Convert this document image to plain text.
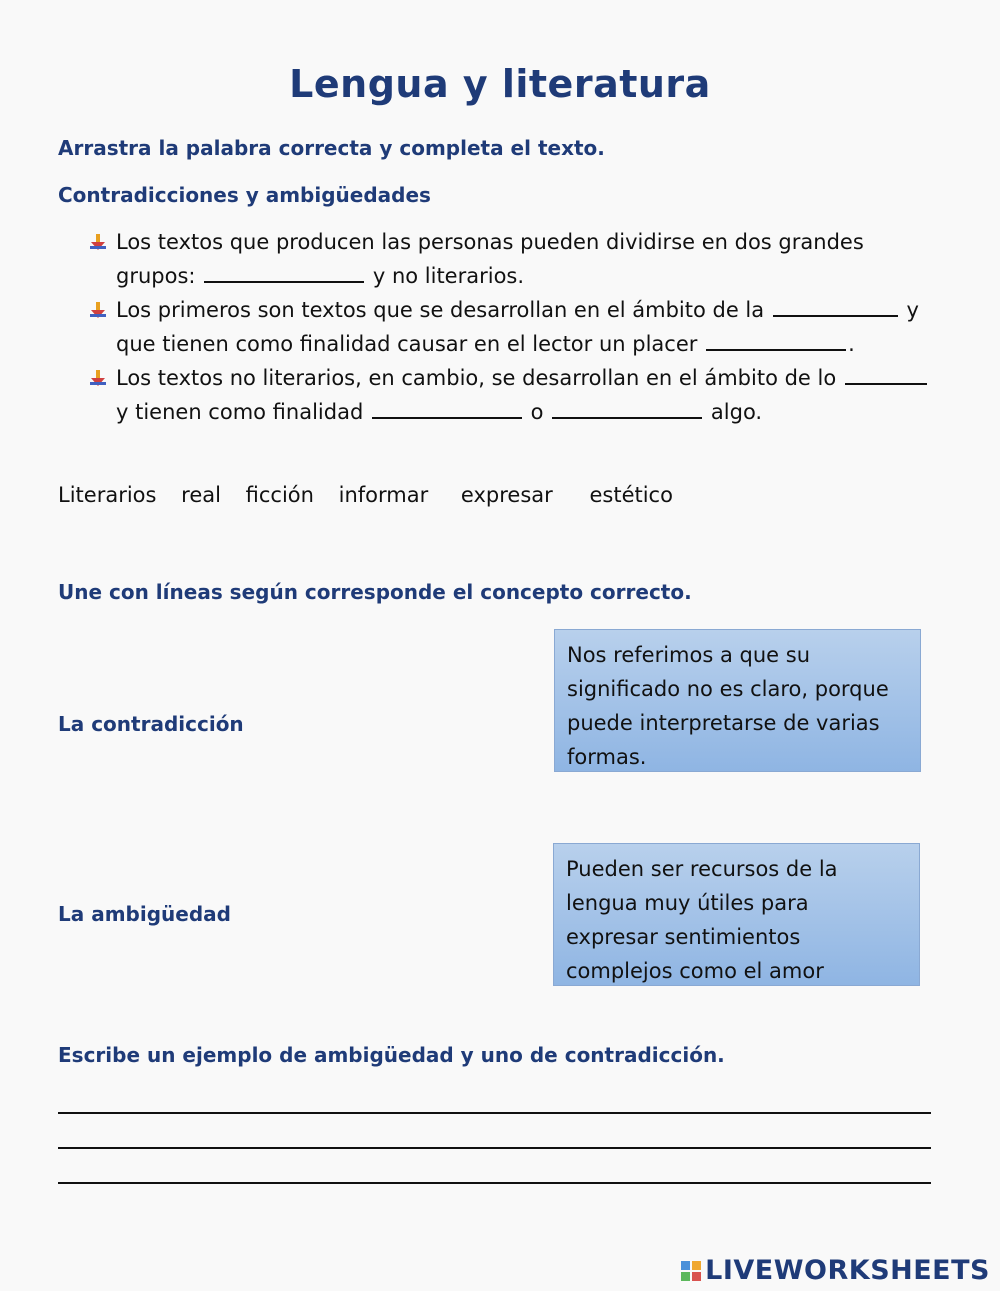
Lengua y literatura
Arrastra la palabra correcta y completa el texto.
Contradicciones y ambigüedades
Los textos que producen las personas pueden dividirse en dos grandes
grupos:	y no literarios.
Los primeros son textos que se desarrollan en el ámbito de la	y
que tienen como finalidad causar en el lector un placer	.
Los textos no literarios, en cambio, se desarrollan en el ámbito de lo
y tienen como finalidad	o	algo.
Literarios real ficción informar expresar estético
Une con líneas según corresponde el concepto correcto.
La contradicción
La ambigüedad
Nos referimos a que su significado no es claro, porque puede interpretarse de varias formas.
Pueden ser recursos de la lengua muy útiles para expresar sentimientos complejos como el amor
Escribe un ejemplo de ambigüedad y uno de contradicción.
LIVEWORKSHEETS
